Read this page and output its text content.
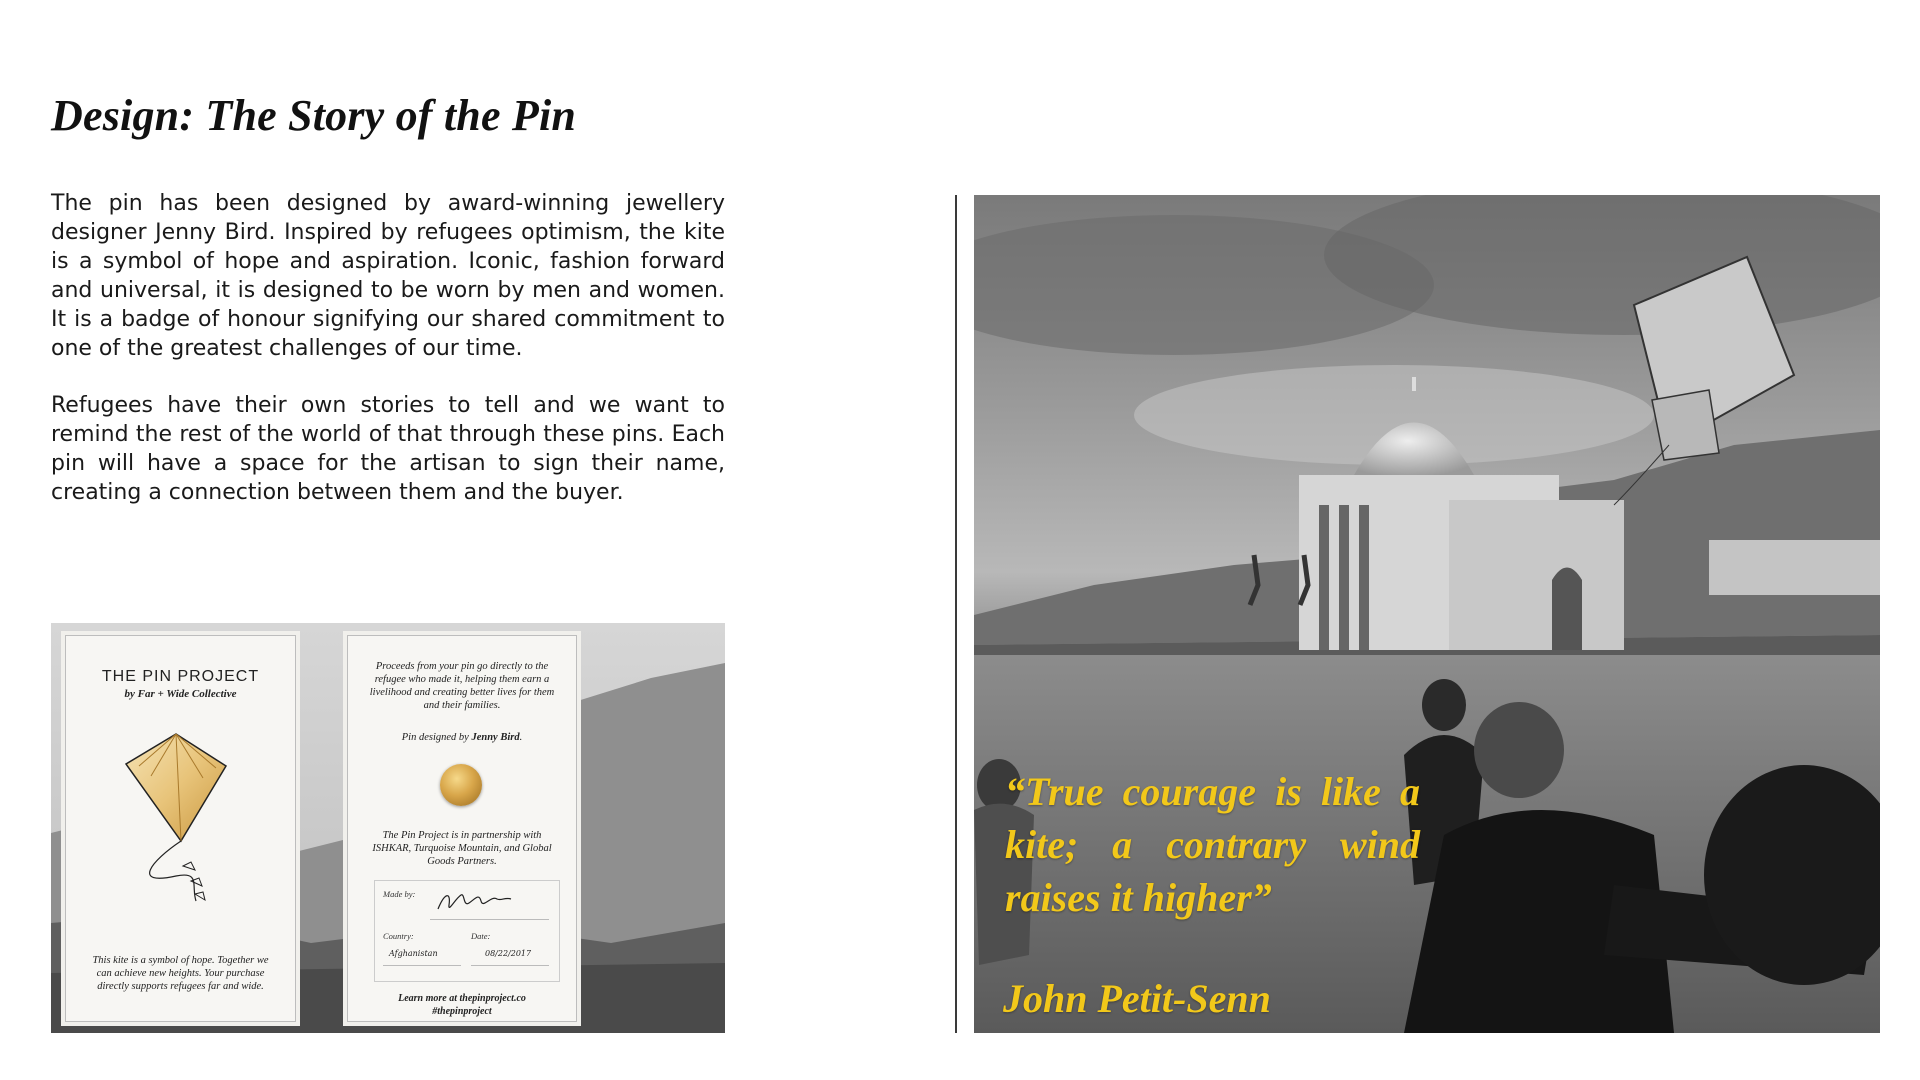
Design: The Story of the Pin

The pin has been designed by award-winning jewellery designer Jenny Bird. Inspired by refugees optimism, the kite is a symbol of hope and aspiration. Iconic, fashion forward and universal, it is designed to be worn by men and women. It is a badge of honour signifying our shared commitment to one of the greatest challenges of our time.

Refugees have their own stories to tell and we want to remind the rest of the world of that through these pins. Each pin will have a space for the artisan to sign their name, creating a connection between them and the buyer.

THE PIN PROJECT
by Far + Wide Collective
This kite is a symbol of hope. Together we can achieve new heights. Your purchase directly supports refugees far and wide.
Proceeds from your pin go directly to the refugee who made it, helping them earn a livelihood and creating better lives for them and their families.
Pin designed by Jenny Bird.
The Pin Project is in partnership with ISHKAR, Turquoise Mountain, and Global Goods Partners.
Made by:
Country:	Date:
Afghanistan	08/22/2017
Learn more at thepinproject.co
#thepinproject

“True courage is like a kite; a contrary wind raises it higher”

John Petit-Senn
